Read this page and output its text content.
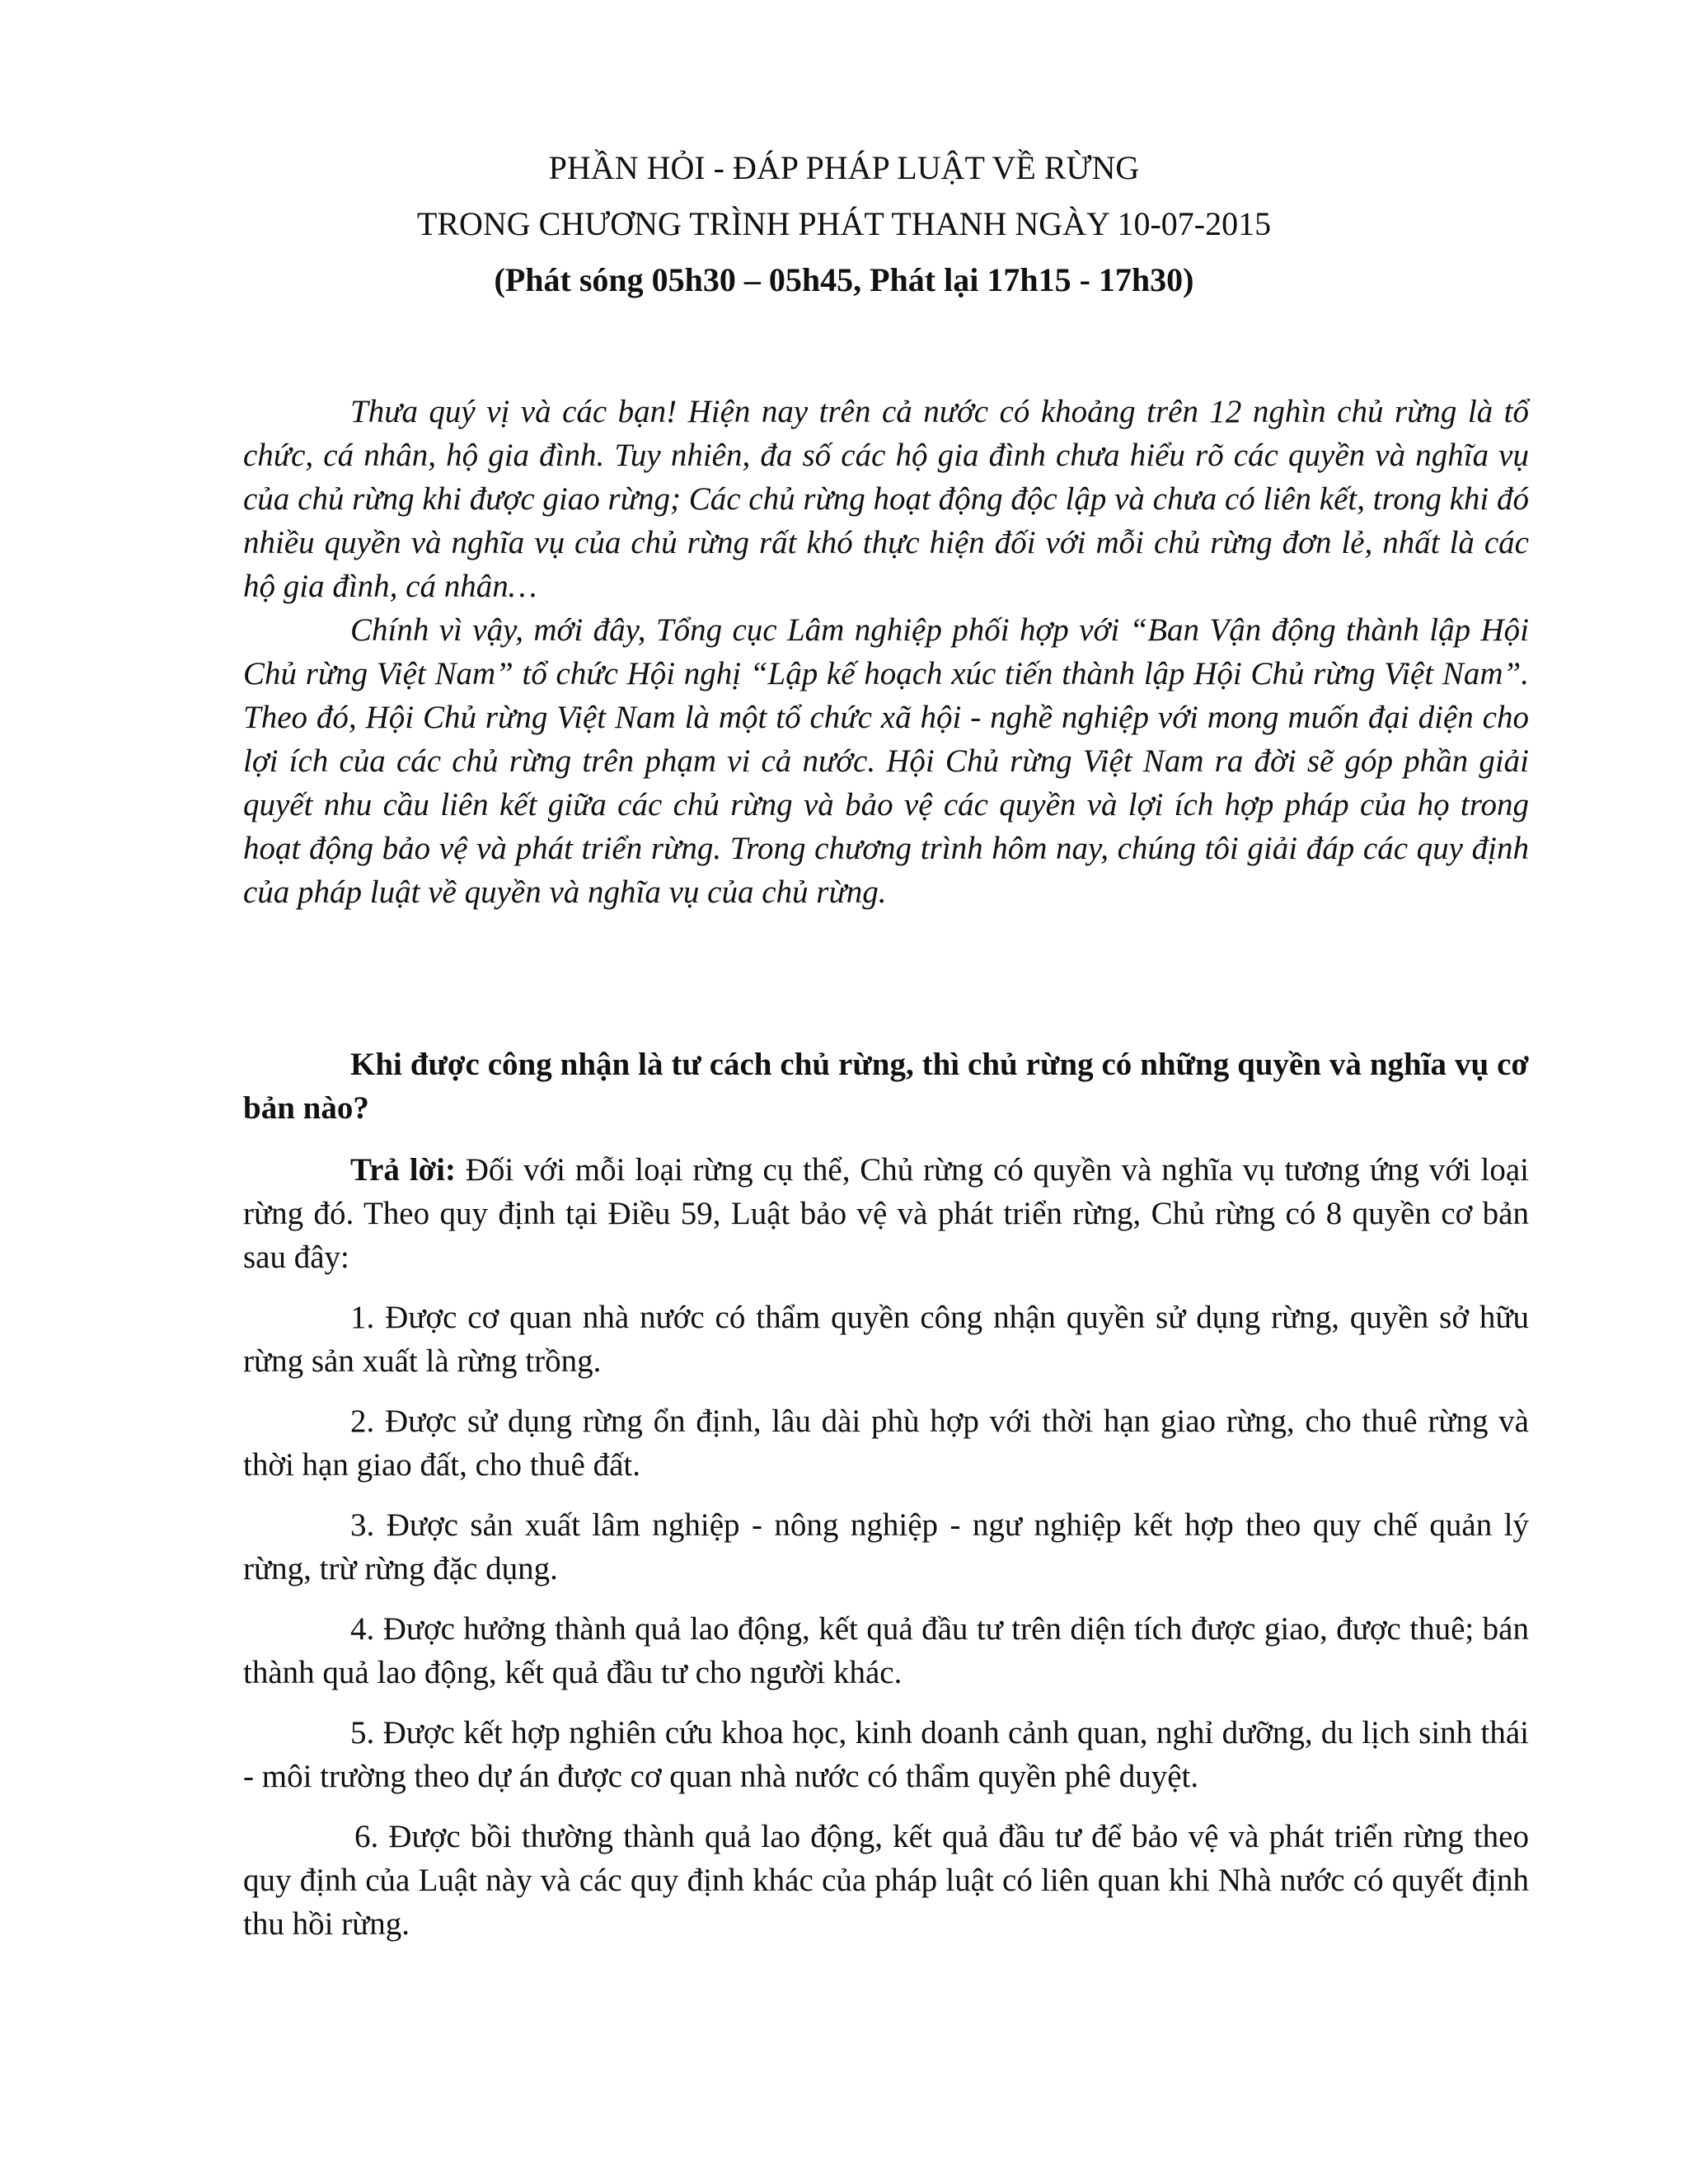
PHẦN HỎI - ĐÁP PHÁP LUẬT VỀ RỪNG

TRONG CHƯƠNG TRÌNH PHÁT THANH NGÀY 10-07-2015

(Phát sóng 05h30 – 05h45, Phát lại 17h15 - 17h30)

Thưa quý vị và các bạn! Hiện nay trên cả nước có khoảng trên 12 nghìn chủ rừng là tổ chức, cá nhân, hộ gia đình. Tuy nhiên, đa số các hộ gia đình chưa hiểu rõ các quyền và nghĩa vụ của chủ rừng khi được giao rừng; Các chủ rừng hoạt động độc lập và chưa có liên kết, trong khi đó nhiều quyền và nghĩa vụ của chủ rừng rất khó thực hiện đối với mỗi chủ rừng đơn lẻ, nhất là các hộ gia đình, cá nhân…

Chính vì vậy, mới đây, Tổng cục Lâm nghiệp phối hợp với “Ban Vận động thành lập Hội Chủ rừng Việt Nam” tổ chức Hội nghị “Lập kế hoạch xúc tiến thành lập Hội Chủ rừng Việt Nam”. Theo đó, Hội Chủ rừng Việt Nam là một tổ chức xã hội - nghề nghiệp với mong muốn đại diện cho lợi ích của các chủ rừng trên phạm vi cả nước. Hội Chủ rừng Việt Nam ra đời sẽ góp phần giải quyết nhu cầu liên kết giữa các chủ rừng và bảo vệ các quyền và lợi ích hợp pháp của họ trong hoạt động bảo vệ và phát triển rừng. Trong chương trình hôm nay, chúng tôi giải đáp các quy định của pháp luật về quyền và nghĩa vụ của chủ rừng.

Khi được công nhận là tư cách chủ rừng, thì chủ rừng có những quyền và nghĩa vụ cơ bản nào?

Trả lời: Đối với mỗi loại rừng cụ thể, Chủ rừng có quyền và nghĩa vụ tương ứng với loại rừng đó. Theo quy định tại Điều 59, Luật bảo vệ và phát triển rừng, Chủ rừng có 8 quyền cơ bản sau đây:

1. Được cơ quan nhà nước có thẩm quyền công nhận quyền sử dụng rừng, quyền sở hữu rừng sản xuất là rừng trồng.

2. Được sử dụng rừng ổn định, lâu dài phù hợp với thời hạn giao rừng, cho thuê rừng và thời hạn giao đất, cho thuê đất.

3. Được sản xuất lâm nghiệp - nông nghiệp - ngư nghiệp kết hợp theo quy chế quản lý rừng, trừ rừng đặc dụng.

4. Được hưởng thành quả lao động, kết quả đầu tư trên diện tích được giao, được thuê; bán thành quả lao động, kết quả đầu tư cho người khác.

5. Được kết hợp nghiên cứu khoa học, kinh doanh cảnh quan, nghỉ dưỡng, du lịch sinh thái - môi trường theo dự án được cơ quan nhà nước có thẩm quyền phê duyệt.

6. Được bồi thường thành quả lao động, kết quả đầu tư để bảo vệ và phát triển rừng theo quy định của Luật này và các quy định khác của pháp luật có liên quan khi Nhà nước có quyết định thu hồi rừng.
